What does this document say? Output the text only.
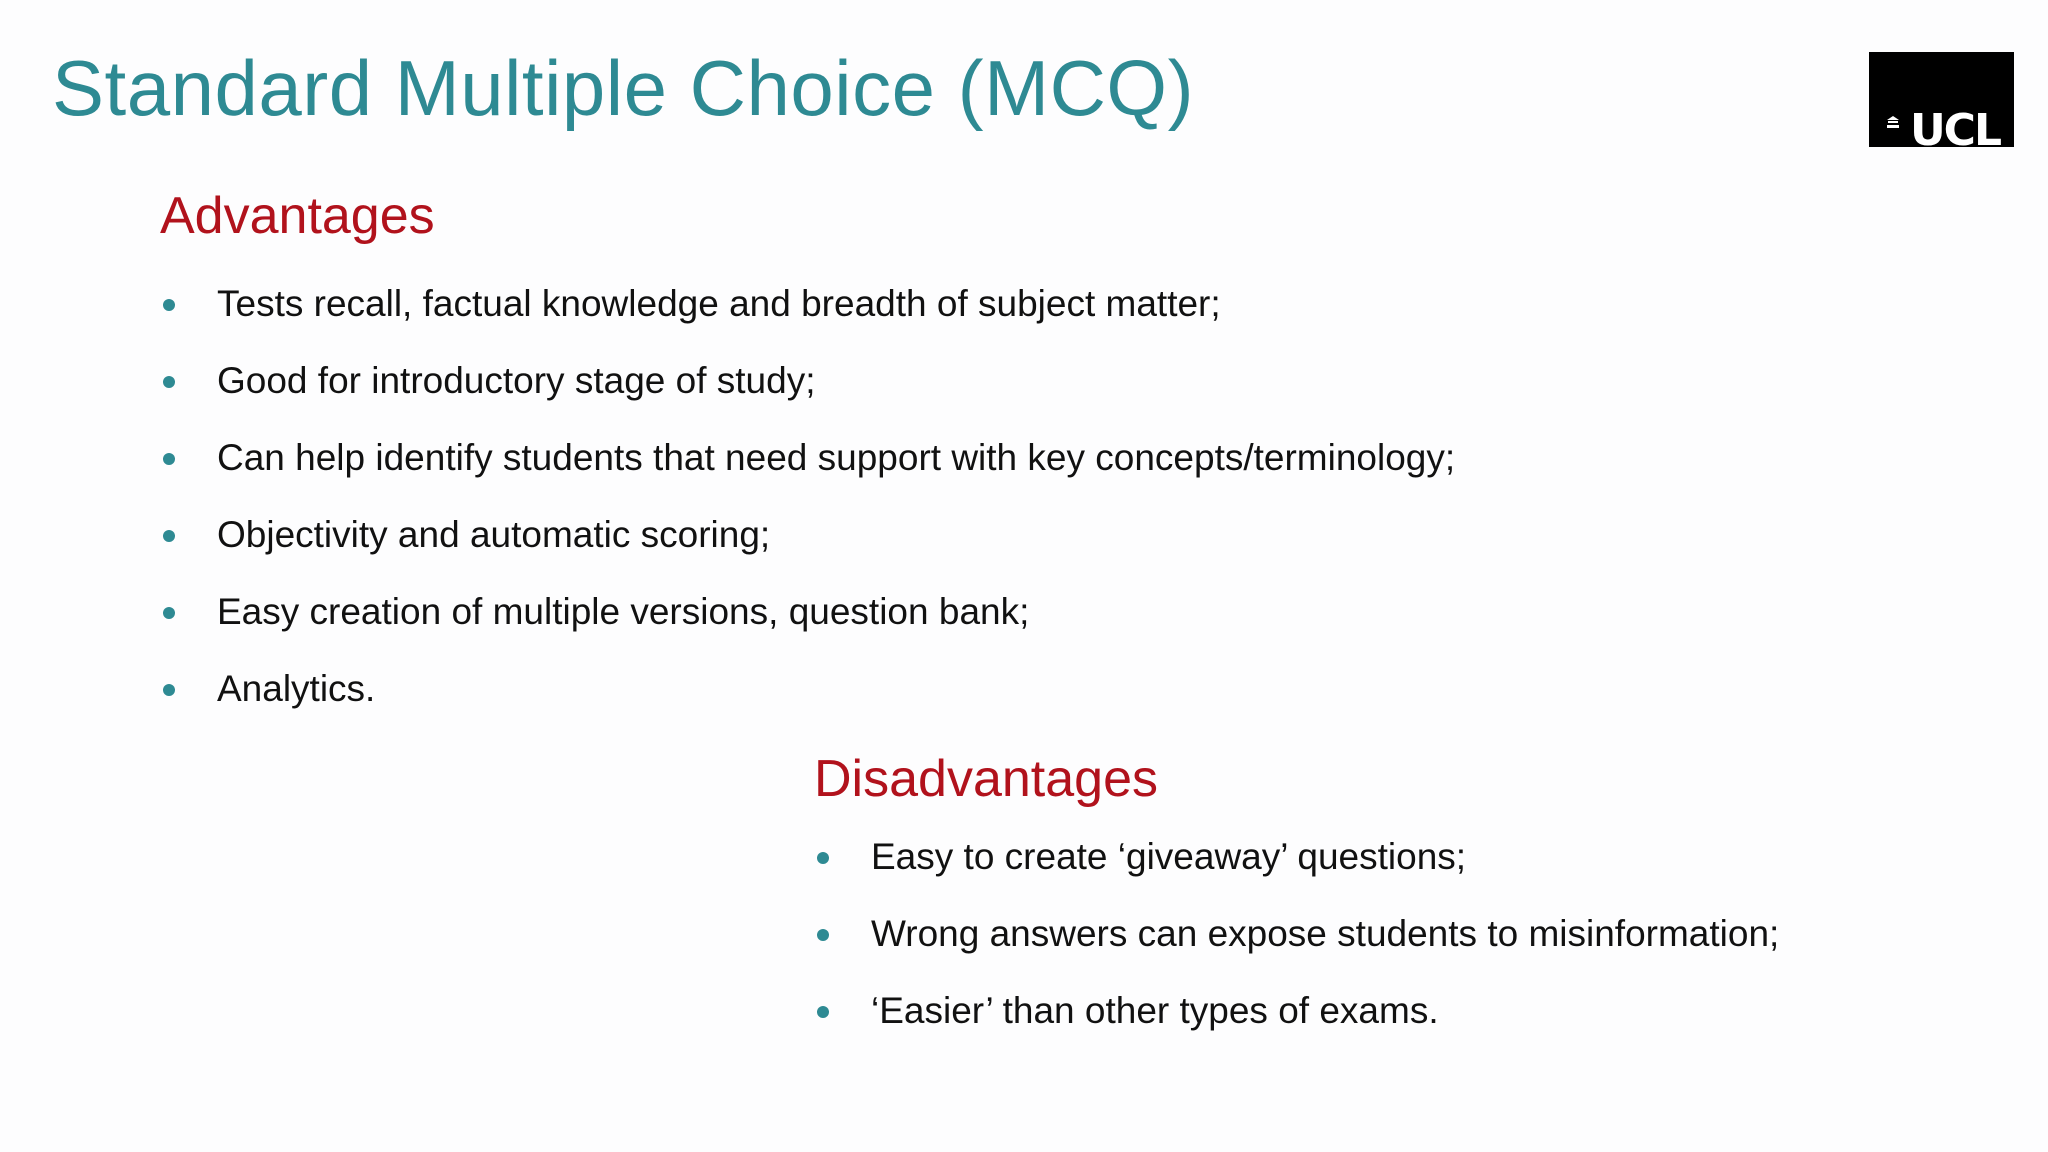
Standard Multiple Choice (MCQ)	UCL
Advantages
Tests recall, factual knowledge and breadth of subject matter;
Good for introductory stage of study;
Can help identify students that need support with key concepts/terminology;
Objectivity and automatic scoring;
Easy creation of multiple versions, question bank;
Analytics.
Disadvantages
Easy to create ‘giveaway’ questions;
Wrong answers can expose students to misinformation;
‘Easier’ than other types of exams.
